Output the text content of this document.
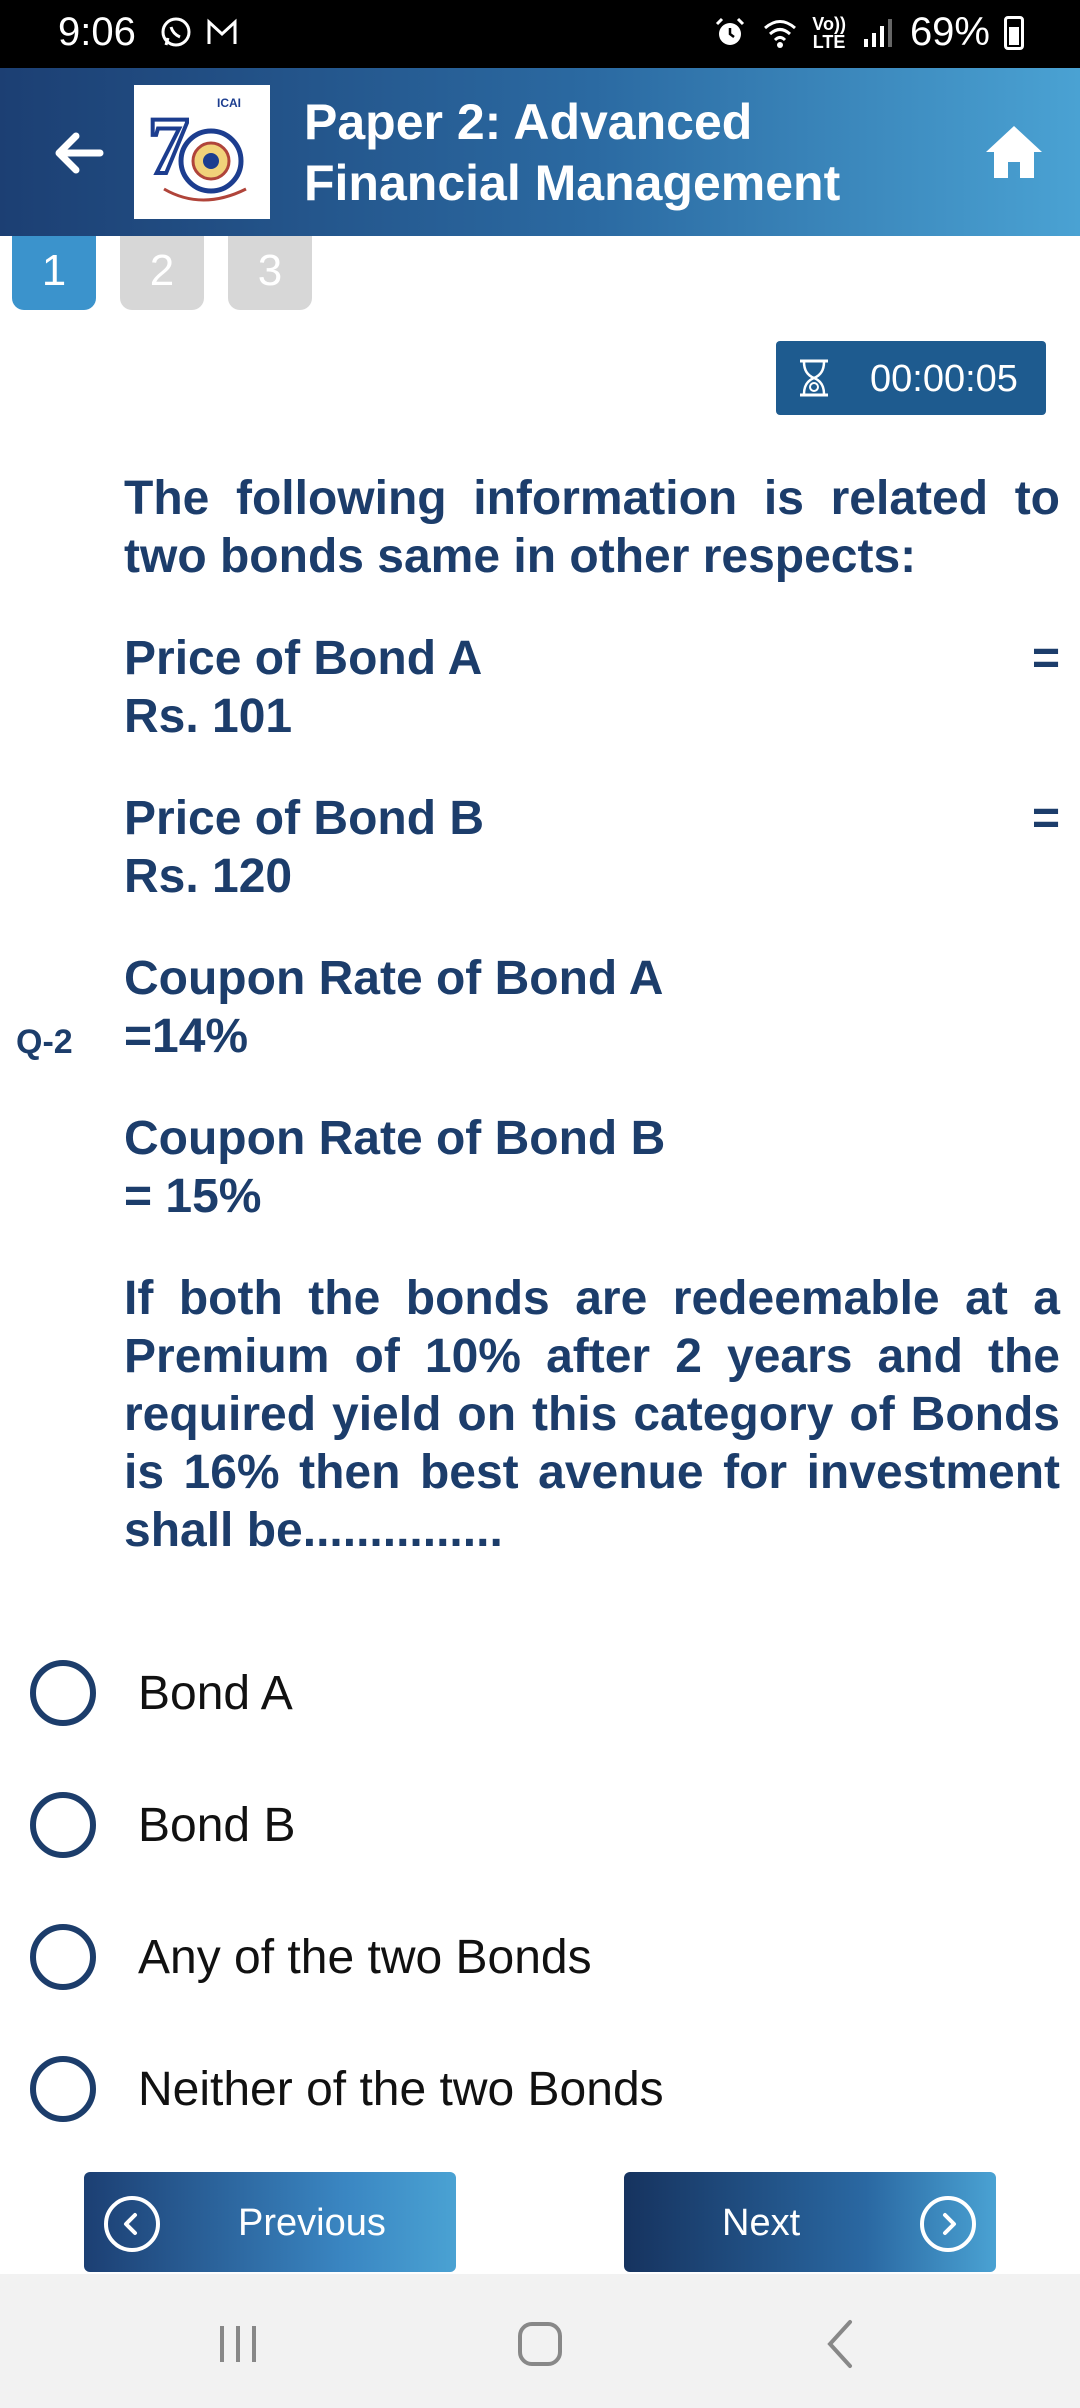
9:06	Vo))
LTE 69%
ICAI
7 Paper 2: Advanced
Financial Management
1	2	3
00:00:05
Q-2

The following information is related to two bonds same in other respects:

Price of Bond A	=
Rs. 101

Price of Bond B	=
Rs. 120

Coupon Rate of Bond A
=14%

Coupon Rate of Bond B
= 15%

If both the bonds are redeemable at a Premium of 10% after 2 years and the required yield on this category of Bonds is 16% then best avenue for investment shall be...............

Bond A
Bond B
Any of the two Bonds
Neither of the two Bonds
Previous	Next
